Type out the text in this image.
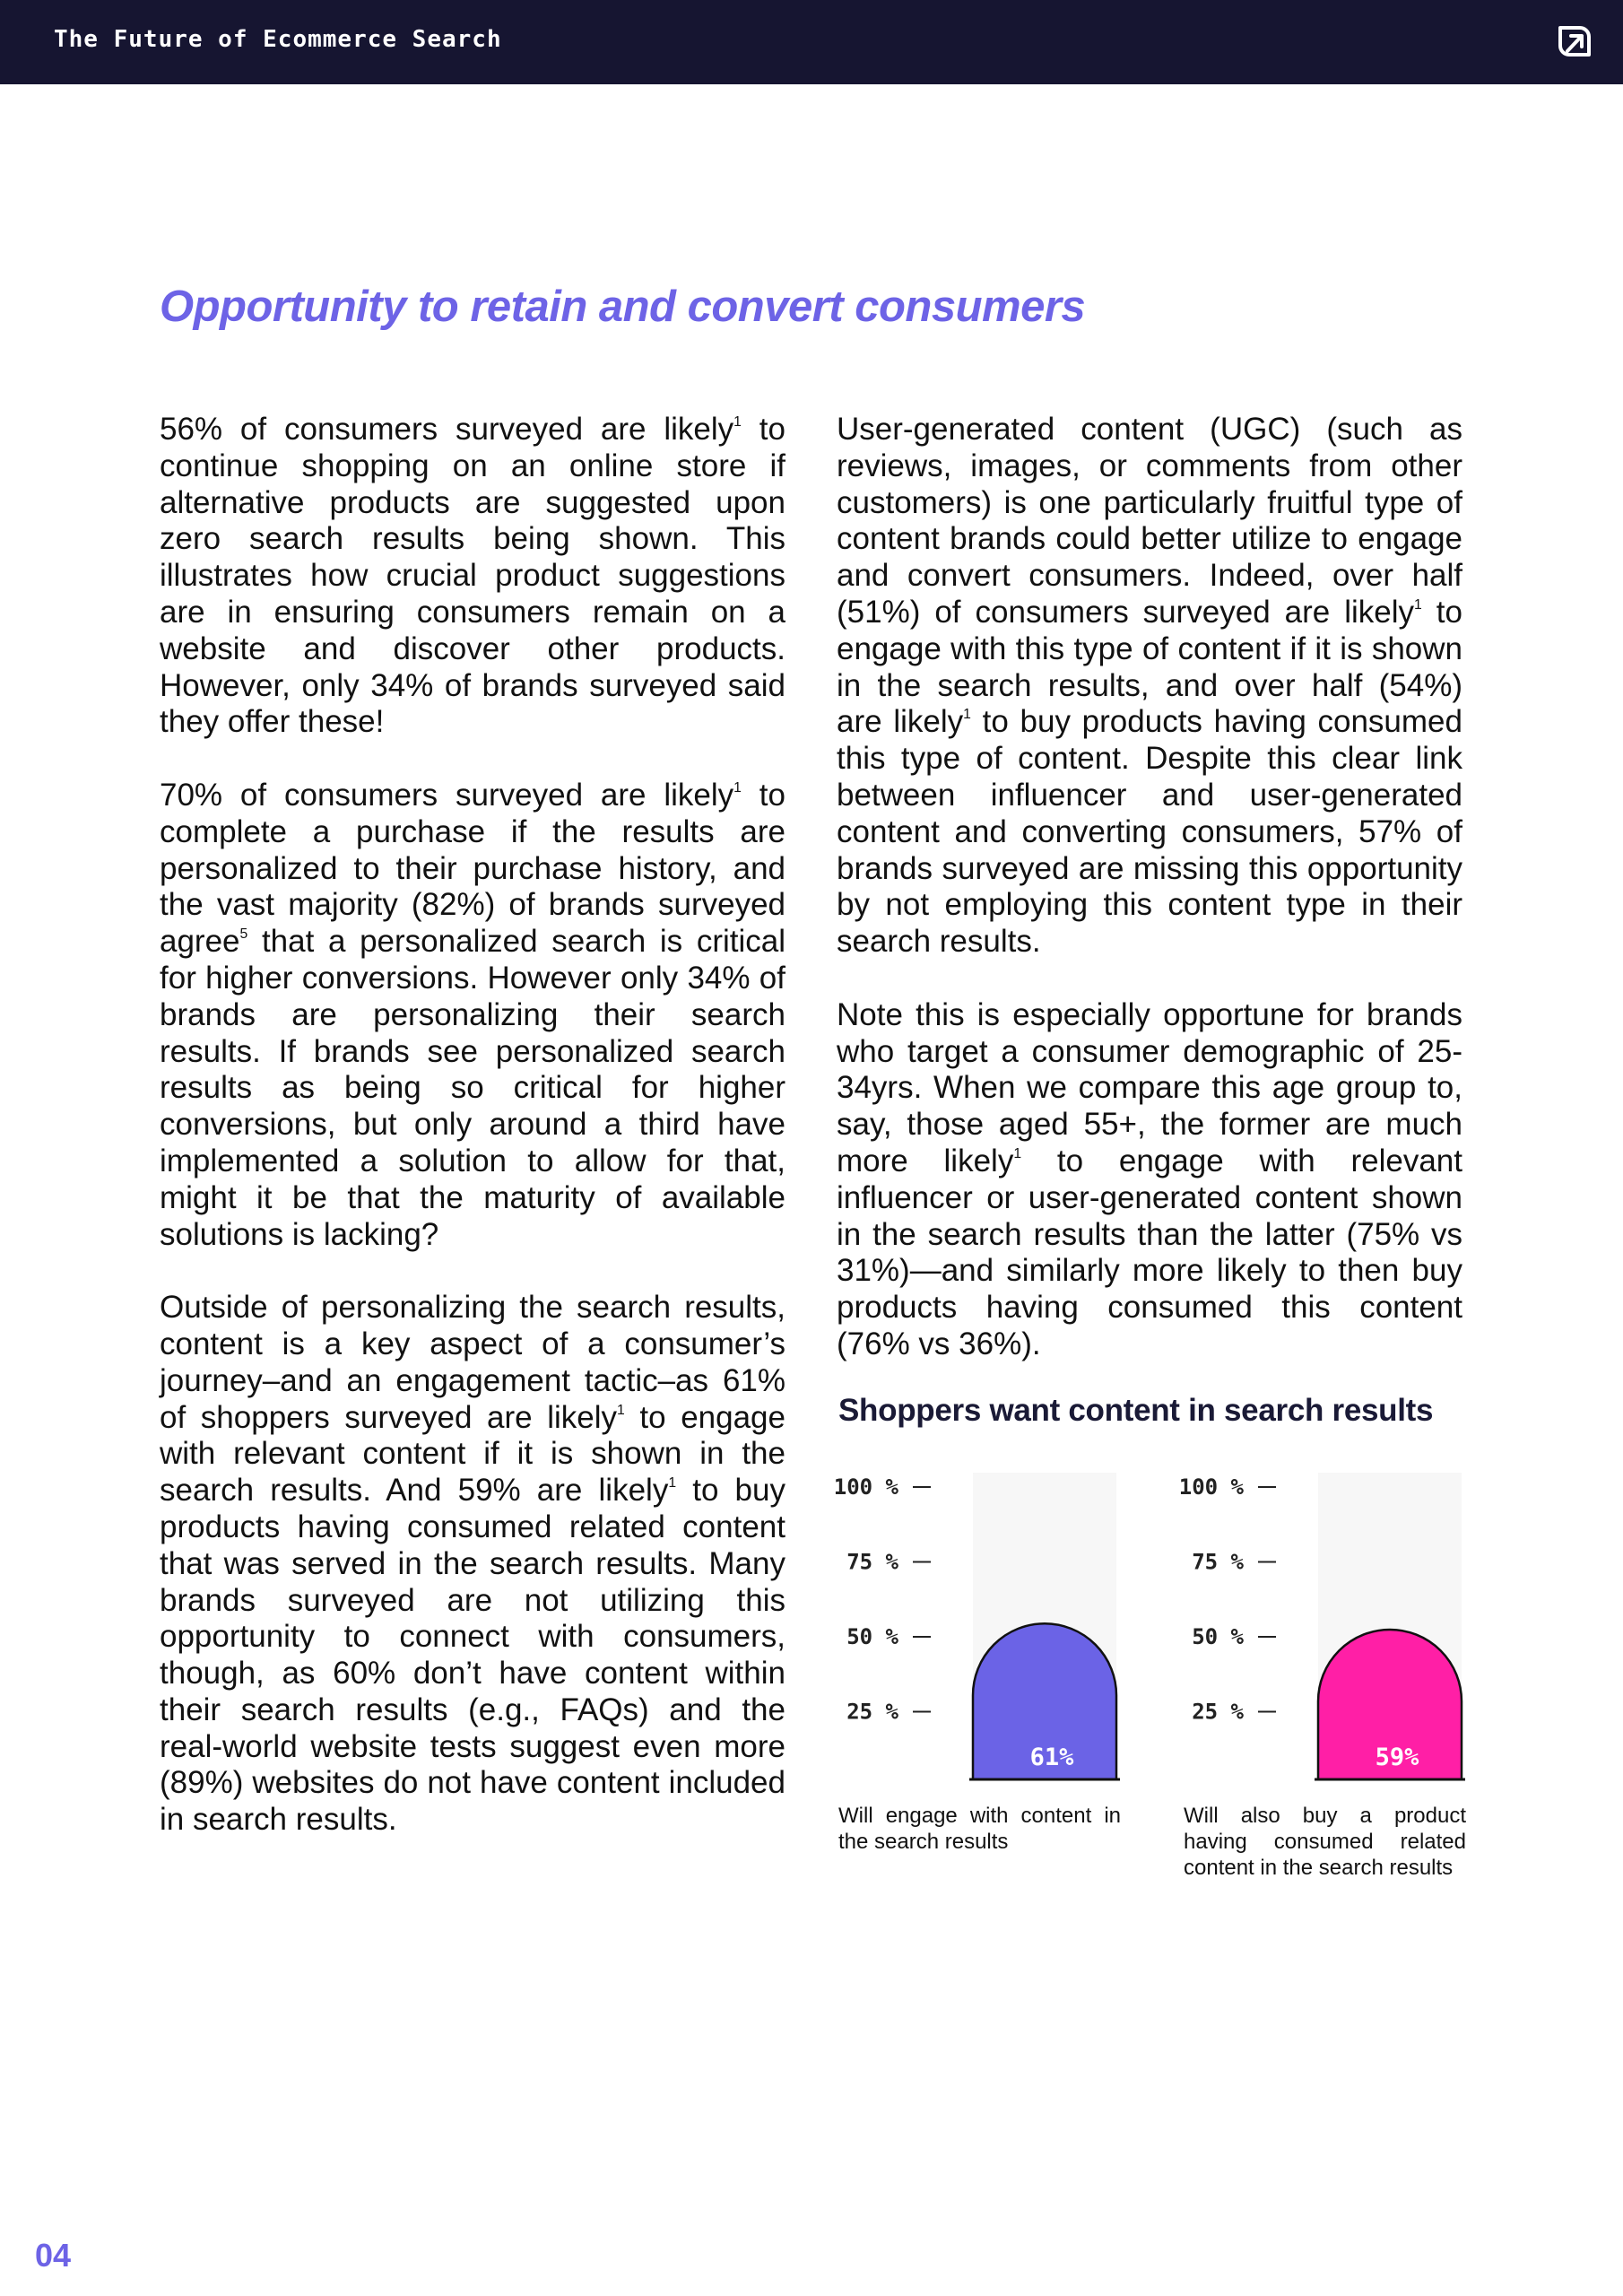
The Future of Ecommerce Search
Opportunity to retain and convert consumers

56% of consumers surveyed are likely$^1$ to continue shopping on an online store if alternative products are suggested upon zero search results being shown. This illustrates how crucial product suggestions are in ensuring consumers remain on a website and discover other products. However, only 34% of brands surveyed said they offer these!

70% of consumers surveyed are likely$^1$ to complete a purchase if the results are personalized to their purchase history, and the vast majority (82%) of brands surveyed agree$^5$ that a personalized search is critical for higher conversions. However only 34% of brands are personalizing their search results. If brands see personalized search results as being so critical for higher conversions, but only around a third have implemented a solution to allow for that, might it be that the maturity of available solutions is lacking?

Outside of personalizing the search results, content is a key aspect of a consumer’s journey–and an engagement tactic–as 61% of shoppers surveyed are likely$^1$ to engage with relevant content if it is shown in the search results. And 59% are likely$^1$ to buy products having consumed related content that was served in the search results. Many brands surveyed are not utilizing this opportunity to connect with consumers, though, as 60% don’t have content within their search results (e.g., FAQs) and the real-world website tests suggest even more (89%) websites do not have content included in search results.

User-generated content (UGC) (such as reviews, images, or comments from other customers) is one particularly fruitful type of content brands could better utilize to engage and convert consumers. Indeed, over half (51%) of consumers surveyed are likely$^1$ to engage with this type of content if it is shown in the search results, and over half (54%) are likely$^1$ to buy products having consumed this type of content. Despite this clear link between influencer and user-generated content and converting consumers, 57% of brands surveyed are missing this opportunity by not employing this content type in their search results.

Note this is especially opportune for brands who target a consumer demographic of 25-34yrs. When we compare this age group to, say, those aged 55+, the former are much more likely$^1$ to engage with relevant influencer or user-generated content shown in the search results than the latter (75% vs 31%)—and similarly more likely to then buy products having consumed this content (76% vs 36%).

Shoppers want content in search results
25 %
50 %
75 %
100 %
61%
Will engage with content in the search results
25 %
50 %
75 %
100 %
59%
Will also buy a product having consumed related content in the search results
04
